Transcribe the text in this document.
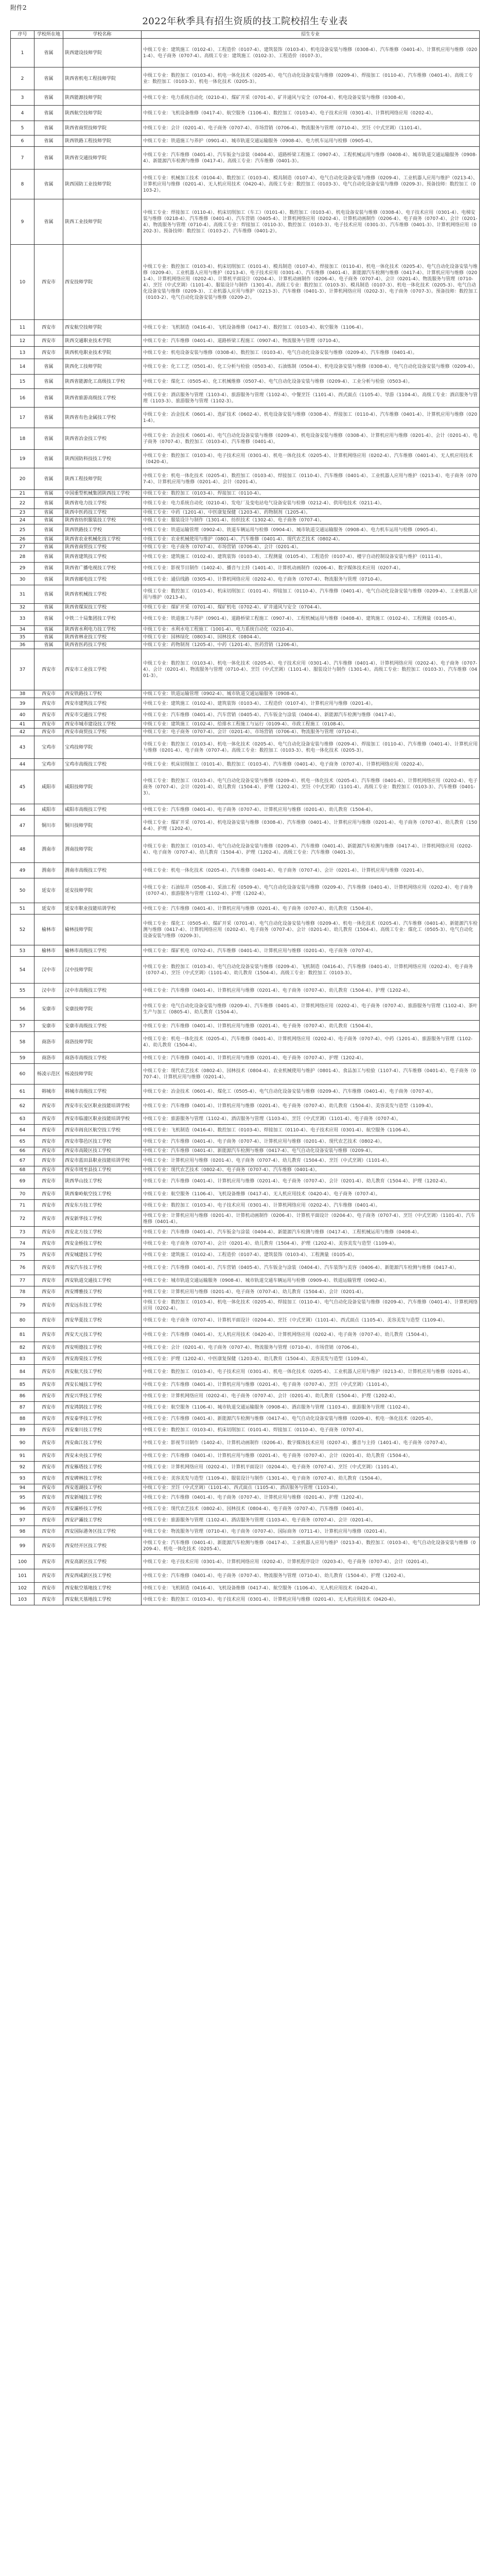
附件2
2022年秋季具有招生资质的技工院校招生专业表
序号	学校所在地	学校名称	招生专业
1	省属	陕西建设技师学院	中级工专业：建筑施工（0102-4）、工程造价（0107-4）、建筑装饰（0103-4）、机电设备安装与维修（0308-4）、汽车维修（0401-4）、计算机应用与维修（0201-4）、电子商务（0707-4）。高级工专业：建筑施工（0102-3）、工程造价（0107-3）。
2	省属	陕西省机电工程技师学院	中级工专业：数控加工（0103-4）、机电一体化技术（0205-4）、电气自动化设备安装与维修（0209-4）、焊接加工（0110-4）、汽车维修（0401-4）。高级工专业：数控加工（0103-3）、机电一体化技术（0205-3）。
3	省属	陕西能源技师学院	中级工专业：电力系统自动化（0210-4）、煤矿开采（0701-4）、矿井通风与安全（0704-4）、机电设备安装与维修（0308-4）。
4	省属	陕西航空技师学院	中级工专业：飞机设备维修（0417-4）、航空服务（1106-4）、数控加工（0103-4）、电子技术应用（0301-4）、计算机网络应用（0202-4）。
5	省属	陕西省商贸技师学院	中级工专业：会计（0201-4）、电子商务（0707-4）、市场营销（0706-4）、物流服务与管理（0710-4）、烹饪（中式烹调）（1101-4）。
6	省属	陕西铁路工程技师学院	中级工专业：铁道施工与养护（0901-4）、城市轨道交通运输服务（0908-4）、电力机车运用与检修（0905-4）。
7	省属	陕西省交通技师学院	中级工专业：汽车维修（0401-4）、汽车钣金与涂装（0404-4）、道路桥梁工程施工（0907-4）、工程机械运用与维修（0408-4）、城市轨道交通运输服务（0908-4）、新能源汽车检测与维修（0417-4）。高级工专业：汽车维修（0401-3）。
8	省属	陕西国防工业技师学院	中级工专业：机械加工技术（0104-4）、数控加工（0103-4）、模具制造（0107-4）、电气自动化设备安装与维修（0209-4）、工业机器人应用与维护（0213-4）、计算机应用与维修（0201-4）、无人机应用技术（0420-4）。高级工专业：数控加工（0103-3）、电气自动化设备安装与维修（0209-3）。预备技师：数控加工（0103-2）。
9	省属	陕西工业技师学院	中级工专业：焊接加工（0110-4）、机床切削加工（车工）（0101-4）、数控加工（0103-4）、机电设备安装与维修（0308-4）、电子技术应用（0301-4）、电梯安装与维修（0218-4）、汽车维修（0401-4）、汽车营销（0405-4）、计算机网络应用（0202-4）、计算机动画制作（0206-4）、电子商务（0707-4）、会计（0201-4）、物流服务与管理（0710-4）。高级工专业：焊接加工（0110-3）、数控加工（0103-3）、电子技术应用（0301-3）、汽车维修（0401-3）、计算机网络应用（0202-3）。预备技师：数控加工（0103-2）、汽车维修（0401-2）。
10	西安市	西安技师学院	中级工专业：数控加工（0103-4）、机床切削加工（0101-4）、模具制造（0107-4）、焊接加工（0110-4）、机电一体化技术（0205-4）、电气自动化设备安装与维修（0209-4）、工业机器人应用与维护（0213-4）、电子技术应用（0301-4）、汽车维修（0401-4）、新能源汽车检测与维修（0417-4）、计算机应用与维修（0201-4）、计算机网络应用（0202-4）、计算机平面设计（0204-4）、计算机动画制作（0206-4）、电子商务（0707-4）、会计（0201-4）、物流服务与管理（0710-4）、烹饪（中式烹调）（1101-4）、服装设计与制作（1301-4）。高级工专业：数控加工（0103-3）、模具制造（0107-3）、机电一体化技术（0205-3）、电气自动化设备安装与维修（0209-3）、工业机器人应用与维护（0213-3）、汽车维修（0401-3）、计算机网络应用（0202-3）、电子商务（0707-3）。预备技师：数控加工（0103-2）、电气自动化设备安装与维修（0209-2）。
11	西安市	西安航空技师学院	中级工专业：飞机制造（0416-4）、飞机设备维修（0417-4）、数控加工（0103-4）、航空服务（1106-4）。
12	西安市	陕西交通职业技术学院	中级工专业：汽车维修（0401-4）、道路桥梁工程施工（0907-4）、物流服务与管理（0710-4）。
13	西安市	陕西机电职业技术学院	中级工专业：机电设备安装与维修（0308-4）、数控加工（0103-4）、电气自动化设备安装与维修（0209-4）、汽车维修（0401-4）。
14	省属	陕西化工技师学院	中级工专业：化工工艺（0501-4）、化工分析与检验（0503-4）、石油炼制（0504-4）、机电设备安装与维修（0308-4）、电气自动化设备安装与维修（0209-4）。
15	省属	陕西省能源化工高级技工学校	中级工专业：煤化工（0505-4）、化工机械维修（0507-4）、电气自动化设备安装与维修（0209-4）、工业分析与检验（0503-4）。
16	省属	陕西省旅游高级技工学校	中级工专业：酒店服务与管理（1103-4）、旅游服务与管理（1102-4）、中餐烹饪（1101-4）、西式面点（1105-4）、导游（1104-4）。高级工专业：酒店服务与管理（1103-3）、旅游服务与管理（1102-3）。
17	省属	陕西省有色金属技工学校	中级工专业：冶金技术（0601-4）、选矿技术（0602-4）、机电设备安装与维修（0308-4）、焊接加工（0110-4）、汽车维修（0401-4）、计算机应用与维修（0201-4）。
18	省属	陕西省冶金技工学校	中级工专业：冶金技术（0601-4）、电气自动化设备安装与维修（0209-4）、机电设备安装与维修（0308-4）、计算机应用与维修（0201-4）、会计（0201-4）、电子商务（0707-4）、数控加工（0103-4）、汽车维修（0401-4）。
19	省属	陕西国防科技技工学校	中级工专业：数控加工（0103-4）、电子技术应用（0301-4）、机电一体化技术（0205-4）、计算机网络应用（0202-4）、汽车维修（0401-4）、无人机应用技术（0420-4）。
20	省属	陕西工程技师学院	中级工专业：机电一体化技术（0205-4）、数控加工（0103-4）、焊接加工（0110-4）、汽车维修（0401-4）、工业机器人应用与维护（0213-4）、电子商务（0707-4）、计算机应用与维修（0201-4）、会计（0201-4）。
21	省属	中国重型机械集团陕西技工学校	中级工专业：数控加工（0103-4）、焊接加工（0110-4）。
22	省属	陕西省电力技工学校	中级工专业：电力系统自动化（0210-4）、发电厂及变电站电气设备安装与检修（0212-4）、供用电技术（0211-4）。
23	省属	陕西中医药技工学校	中级工专业：中药（1201-4）、中医康复保健（1203-4）、药物制剂（1205-4）。
24	省属	陕西省纺织服装技工学校	中级工专业：服装设计与制作（1301-4）、纺织技术（1302-4）、电子商务（0707-4）。
25	省属	陕西铁路技工学校	中级工专业：铁道运输管理（0902-4）、铁道车辆运用与检修（0904-4）、城市轨道交通运输服务（0908-4）、电力机车运用与检修（0905-4）。
26	省属	陕西省农业机械化技工学校	中级工专业：农业机械使用与维护（0801-4）、汽车维修（0401-4）、现代农艺技术（0802-4）。
27	省属	陕西省商贸技工学校	中级工专业：电子商务（0707-4）、市场营销（0706-4）、会计（0201-4）。
28	省属	陕西省建筑技工学校	中级工专业：建筑施工（0102-4）、建筑装饰（0103-4）、工程测量（0105-4）、工程造价（0107-4）、楼宇自动控制设备安装与维护（0111-4）。
29	省属	陕西省广播电视技工学校	中级工专业：影视节目制作（1402-4）、播音与主持（1401-4）、计算机动画制作（0206-4）、数字媒体技术应用（0207-4）。
30	省属	陕西省邮电技工学校	中级工专业：通信线路（0305-4）、计算机网络应用（0202-4）、电子商务（0707-4）、物流服务与管理（0710-4）。
31	省属	陕西省机械技工学校	中级工专业：数控加工（0103-4）、机床切削加工（0101-4）、焊接加工（0110-4）、汽车维修（0401-4）、电气自动化设备安装与维修（0209-4）、工业机器人应用与维护（0213-4）。
32	省属	陕西省煤炭技工学校	中级工专业：煤矿开采（0701-4）、煤矿机电（0702-4）、矿井通风与安全（0704-4）。
33	省属	中铁二十局集团技工学校	中级工专业：铁道施工与养护（0901-4）、道路桥梁工程施工（0907-4）、工程机械运用与维修（0408-4）、建筑施工（0102-4）、工程测量（0105-4）。
34	省属	陕西省水利电力技工学校	中级工专业：水利水电工程施工（1001-4）、电力系统自动化（0210-4）。
35	省属	陕西省林业技工学校	中级工专业：园林绿化（0803-4）、园林技术（0804-4）。
36	省属	陕西省医药技工学校	中级工专业：药物制剂（1205-4）、中药（1201-4）、医药营销（1206-4）。
37	西安市	西安市工业技工学校	中级工专业：数控加工（0103-4）、机电一体化技术（0205-4）、电子技术应用（0301-4）、汽车维修（0401-4）、计算机网络应用（0202-4）、电子商务（0707-4）、会计（0201-4）、物流服务与管理（0710-4）、烹饪（中式烹调）（1101-4）、服装设计与制作（1301-4）。高级工专业：数控加工（0103-3）、汽车维修（0401-3）。
38	西安市	西安铁路技工学校	中级工专业：铁道运输管理（0902-4）、城市轨道交通运输服务（0908-4）。
39	西安市	西安市建筑技工学校	中级工专业：建筑施工（0102-4）、建筑装饰（0103-4）、工程造价（0107-4）、计算机应用与维修（0201-4）。
40	西安市	西安市交通技工学校	中级工专业：汽车维修（0401-4）、汽车营销（0405-4）、汽车钣金与涂装（0404-4）、新能源汽车检测与维修（0417-4）。
41	西安市	西安市城市建设技工学校	中级工专业：建筑施工（0102-4）、给排水工程施工与运行（0109-4）、市政工程施工（0108-4）。
42	西安市	西安市商贸技工学校	中级工专业：电子商务（0707-4）、会计（0201-4）、市场营销（0706-4）、物流服务与管理（0710-4）。
43	宝鸡市	宝鸡技师学院	中级工专业：数控加工（0103-4）、机电一体化技术（0205-4）、电气自动化设备安装与维修（0209-4）、焊接加工（0110-4）、汽车维修（0401-4）、计算机应用与维修（0201-4）、电子商务（0707-4）。高级工专业：数控加工（0103-3）、机电一体化技术（0205-3）。
44	宝鸡市	宝鸡市高级技工学校	中级工专业：机床切削加工（0101-4）、数控加工（0103-4）、汽车维修（0401-4）、电子商务（0707-4）、计算机网络应用（0202-4）。
45	咸阳市	咸阳技师学院	中级工专业：数控加工（0103-4）、电气自动化设备安装与维修（0209-4）、机电一体化技术（0205-4）、汽车维修（0401-4）、计算机网络应用（0202-4）、电子商务（0707-4）、会计（0201-4）、幼儿教育（1504-4）、护理（1202-4）、烹饪（中式烹调）（1101-4）。高级工专业：数控加工（0103-3）、汽车维修（0401-3）。
46	咸阳市	咸阳市高级技工学校	中级工专业：汽车维修（0401-4）、电子商务（0707-4）、计算机应用与维修（0201-4）、幼儿教育（1504-4）。
47	铜川市	铜川技师学院	中级工专业：煤矿开采（0701-4）、机电设备安装与维修（0308-4）、汽车维修（0401-4）、计算机应用与维修（0201-4）、电子商务（0707-4）、幼儿教育（1504-4）、护理（1202-4）。
48	渭南市	渭南技师学院	中级工专业：数控加工（0103-4）、电气自动化设备安装与维修（0209-4）、汽车维修（0401-4）、新能源汽车检测与维修（0417-4）、计算机网络应用（0202-4）、电子商务（0707-4）、幼儿教育（1504-4）、护理（1202-4）。高级工专业：汽车维修（0401-3）。
49	渭南市	渭南市高级技工学校	中级工专业：机电一体化技术（0205-4）、汽车维修（0401-4）、电子商务（0707-4）、会计（0201-4）、计算机应用与维修（0201-4）。
50	延安市	延安技师学院	中级工专业：石油钻井（0508-4）、采油工程（0509-4）、电气自动化设备安装与维修（0209-4）、汽车维修（0401-4）、计算机网络应用（0202-4）、电子商务（0707-4）、旅游服务与管理（1102-4）、护理（1202-4）。
51	延安市	延安市职业技能培训学校	中级工专业：汽车维修（0401-4）、计算机应用与维修（0201-4）、电子商务（0707-4）、幼儿教育（1504-4）。
52	榆林市	榆林技师学院	中级工专业：煤化工（0505-4）、煤矿开采（0701-4）、电气自动化设备安装与维修（0209-4）、机电一体化技术（0205-4）、汽车维修（0401-4）、新能源汽车检测与维修（0417-4）、计算机网络应用（0202-4）、电子商务（0707-4）、会计（0201-4）、幼儿教育（1504-4）。高级工专业：煤化工（0505-3）、电气自动化设备安装与维修（0209-3）。
53	榆林市	榆林市高级技工学校	中级工专业：煤矿机电（0702-4）、汽车维修（0401-4）、计算机应用与维修（0201-4）、电子商务（0707-4）。
54	汉中市	汉中技师学院	中级工专业：数控加工（0103-4）、电气自动化设备安装与维修（0209-4）、飞机制造（0416-4）、汽车维修（0401-4）、计算机网络应用（0202-4）、电子商务（0707-4）、烹饪（中式烹调）（1101-4）、幼儿教育（1504-4）。高级工专业：数控加工（0103-3）。
55	汉中市	汉中市高级技工学校	中级工专业：汽车维修（0401-4）、计算机应用与维修（0201-4）、电子商务（0707-4）、幼儿教育（1504-4）、护理（1202-4）。
56	安康市	安康技师学院	中级工专业：电气自动化设备安装与维修（0209-4）、汽车维修（0401-4）、计算机网络应用（0202-4）、电子商务（0707-4）、旅游服务与管理（1102-4）、茶叶生产与加工（0805-4）、幼儿教育（1504-4）。
57	安康市	安康市高级技工学校	中级工专业：汽车维修（0401-4）、计算机应用与维修（0201-4）、电子商务（0707-4）、幼儿教育（1504-4）。
58	商洛市	商洛技师学院	中级工专业：机电一体化技术（0205-4）、汽车维修（0401-4）、计算机网络应用（0202-4）、电子商务（0707-4）、中药（1201-4）、旅游服务与管理（1102-4）、幼儿教育（1504-4）。
59	商洛市	商洛市高级技工学校	中级工专业：汽车维修（0401-4）、计算机应用与维修（0201-4）、电子商务（0707-4）、护理（1202-4）。
60	杨凌示范区	杨凌技师学院	中级工专业：现代农艺技术（0802-4）、园林技术（0804-4）、农业机械使用与维护（0801-4）、食品加工与检验（1107-4）、汽车维修（0401-4）、电子商务（0707-4）、计算机应用与维修（0201-4）。
61	韩城市	韩城市高级技工学校	中级工专业：冶金技术（0601-4）、煤化工（0505-4）、电气自动化设备安装与维修（0209-4）、汽车维修（0401-4）、电子商务（0707-4）。
62	西安市	西安市长安区职业技能培训学校	中级工专业：汽车维修（0401-4）、计算机应用与维修（0201-4）、电子商务（0707-4）、幼儿教育（1504-4）、美容美发与造型（1109-4）。
63	西安市	西安市临潼区职业技能培训学校	中级工专业：旅游服务与管理（1102-4）、酒店服务与管理（1103-4）、烹饪（中式烹调）（1101-4）、电子商务（0707-4）。
64	西安市	西安市阎良区航空技工学校	中级工专业：飞机制造（0416-4）、数控加工（0103-4）、焊接加工（0110-4）、电子技术应用（0301-4）、航空服务（1106-4）。
65	西安市	西安市鄠邑区技工学校	中级工专业：汽车维修（0401-4）、电子商务（0707-4）、计算机应用与维修（0201-4）、现代农艺技术（0802-4）。
66	西安市	西安市高陵区技工学校	中级工专业：汽车维修（0401-4）、新能源汽车检测与维修（0417-4）、电气自动化设备安装与维修（0209-4）。
67	西安市	西安市蓝田县职业技能培训学校	中级工专业：计算机应用与维修（0201-4）、电子商务（0707-4）、幼儿教育（1504-4）、烹饪（中式烹调）（1101-4）。
68	西安市	西安市周至县技工学校	中级工专业：现代农艺技术（0802-4）、电子商务（0707-4）、汽车维修（0401-4）。
69	西安市	陕西华山技工学校	中级工专业：汽车维修（0401-4）、计算机应用与维修（0201-4）、电子商务（0707-4）、会计（0201-4）、幼儿教育（1504-4）、护理（1202-4）。
70	西安市	陕西秦岭航空技工学校	中级工专业：航空服务（1106-4）、飞机设备维修（0417-4）、无人机应用技术（0420-4）、电子商务（0707-4）。
71	西安市	西安东方技工学校	中级工专业：数控加工（0103-4）、电子技术应用（0301-4）、计算机网络应用（0202-4）、汽车维修（0401-4）。
72	西安市	西安新华技工学校	中级工专业：计算机应用与维修（0201-4）、计算机动画制作（0206-4）、计算机平面设计（0204-4）、电子商务（0707-4）、烹饪（中式烹调）（1101-4）、汽车维修（0401-4）。
73	西安市	西安北方技工学校	中级工专业：汽车维修（0401-4）、汽车钣金与涂装（0404-4）、新能源汽车检测与维修（0417-4）、工程机械运用与维修（0408-4）。
74	西安市	西安金桥技工学校	中级工专业：电子商务（0707-4）、会计（0201-4）、幼儿教育（1504-4）、护理（1202-4）、美容美发与造型（1109-4）。
75	西安市	西安城建技工学校	中级工专业：建筑施工（0102-4）、工程造价（0107-4）、建筑装饰（0103-4）、工程测量（0105-4）。
76	西安市	西安汽车技工学校	中级工专业：汽车维修（0401-4）、汽车营销（0405-4）、汽车钣金与涂装（0404-4）、汽车装饰与美容（0406-4）、新能源汽车检测与维修（0417-4）。
77	西安市	西安轨道交通技工学校	中级工专业：城市轨道交通运输服务（0908-4）、城市轨道交通车辆运用与检修（0909-4）、铁道运输管理（0902-4）。
78	西安市	西安博雅技工学校	中级工专业：计算机应用与维修（0201-4）、电子商务（0707-4）、幼儿教育（1504-4）、会计（0201-4）。
79	西安市	西安远东技工学校	中级工专业：数控加工（0103-4）、机电一体化技术（0205-4）、焊接加工（0110-4）、电气自动化设备安装与维修（0209-4）、汽车维修（0401-4）、计算机网络应用（0202-4）。
80	西安市	西安华夏技工学校	中级工专业：电子商务（0707-4）、计算机平面设计（0204-4）、烹饪（中式烹调）（1101-4）、西式面点（1105-4）、美容美发与造型（1109-4）。
81	西安市	西安天元技工学校	中级工专业：汽车维修（0401-4）、无人机应用技术（0420-4）、计算机网络应用（0202-4）、电子商务（0707-4）、幼儿教育（1504-4）。
82	西安市	西安明德技工学校	中级工专业：会计（0201-4）、电子商务（0707-4）、物流服务与管理（0710-4）、市场营销（0706-4）。
83	西安市	西安海棠技工学校	中级工专业：护理（1202-4）、中医康复保健（1203-4）、幼儿教育（1504-4）、美容美发与造型（1109-4）。
84	西安市	西安航天技工学校	中级工专业：数控加工（0103-4）、电子技术应用（0301-4）、机电一体化技术（0205-4）、工业机器人应用与维护（0213-4）、计算机应用与维修（0201-4）。
85	西安市	西安长城技工学校	中级工专业：汽车维修（0401-4）、计算机应用与维修（0201-4）、电子商务（0707-4）、烹饪（中式烹调）（1101-4）。
86	西安市	西安兴华技工学校	中级工专业：计算机网络应用（0202-4）、电子商务（0707-4）、会计（0201-4）、幼儿教育（1504-4）、护理（1202-4）。
87	西安市	西安鸿鹄技工学校	中级工专业：航空服务（1106-4）、城市轨道交通运输服务（0908-4）、酒店服务与管理（1103-4）、旅游服务与管理（1102-4）。
88	西安市	西安泰华技工学校	中级工专业：汽车维修（0401-4）、新能源汽车检测与维修（0417-4）、电气自动化设备安装与维修（0209-4）、机电一体化技术（0205-4）。
89	西安市	西安秦川技工学校	中级工专业：数控加工（0103-4）、机床切削加工（0101-4）、焊接加工（0110-4）、电子商务（0707-4）。
90	西安市	西安曲江技工学校	中级工专业：影视节目制作（1402-4）、计算机动画制作（0206-4）、数字媒体技术应用（0207-4）、播音与主持（1401-4）、电子商务（0707-4）。
91	西安市	西安未央技工学校	中级工专业：汽车维修（0401-4）、计算机应用与维修（0201-4）、电子商务（0707-4）、会计（0201-4）、幼儿教育（1504-4）。
92	西安市	西安雁塔技工学校	中级工专业：计算机网络应用（0202-4）、计算机平面设计（0204-4）、电子商务（0707-4）、烹饪（中式烹调）（1101-4）。
93	西安市	西安碑林技工学校	中级工专业：美容美发与造型（1109-4）、服装设计与制作（1301-4）、电子商务（0707-4）、幼儿教育（1504-4）。
94	西安市	西安莲湖技工学校	中级工专业：烹饪（中式烹调）（1101-4）、西式面点（1105-4）、酒店服务与管理（1103-4）。
95	西安市	西安新城技工学校	中级工专业：汽车维修（0401-4）、电子商务（0707-4）、计算机应用与维修（0201-4）、护理（1202-4）。
96	西安市	西安灞桥技工学校	中级工专业：现代农艺技术（0802-4）、园林技术（0804-4）、电子商务（0707-4）、汽车维修（0401-4）。
97	西安市	西安浐灞技工学校	中级工专业：旅游服务与管理（1102-4）、酒店服务与管理（1103-4）、电子商务（0707-4）、会计（0201-4）。
98	西安市	西安国际港务区技工学校	中级工专业：物流服务与管理（0710-4）、电子商务（0707-4）、国际商务（0711-4）、计算机应用与维修（0201-4）。
99	西安市	西安经开区技工学校	中级工专业：汽车维修（0401-4）、新能源汽车检测与维修（0417-4）、工业机器人应用与维护（0213-4）、数控加工（0103-4）、电气自动化设备安装与维修（0209-4）、机电一体化技术（0205-4）。
100	西安市	西安高新区技工学校	中级工专业：电子技术应用（0301-4）、计算机网络应用（0202-4）、计算机程序设计（0203-4）、电子商务（0707-4）、会计（0201-4）。
101	西安市	西安西咸新区技工学校	中级工专业：汽车维修（0401-4）、电子商务（0707-4）、物流服务与管理（0710-4）、幼儿教育（1504-4）、护理（1202-4）。
102	西安市	西安航空基地技工学校	中级工专业：飞机制造（0416-4）、飞机设备维修（0417-4）、航空服务（1106-4）、无人机应用技术（0420-4）。
103	西安市	西安航天基地技工学校	中级工专业：数控加工（0103-4）、电子技术应用（0301-4）、计算机应用与维修（0201-4）、无人机应用技术（0420-4）。
